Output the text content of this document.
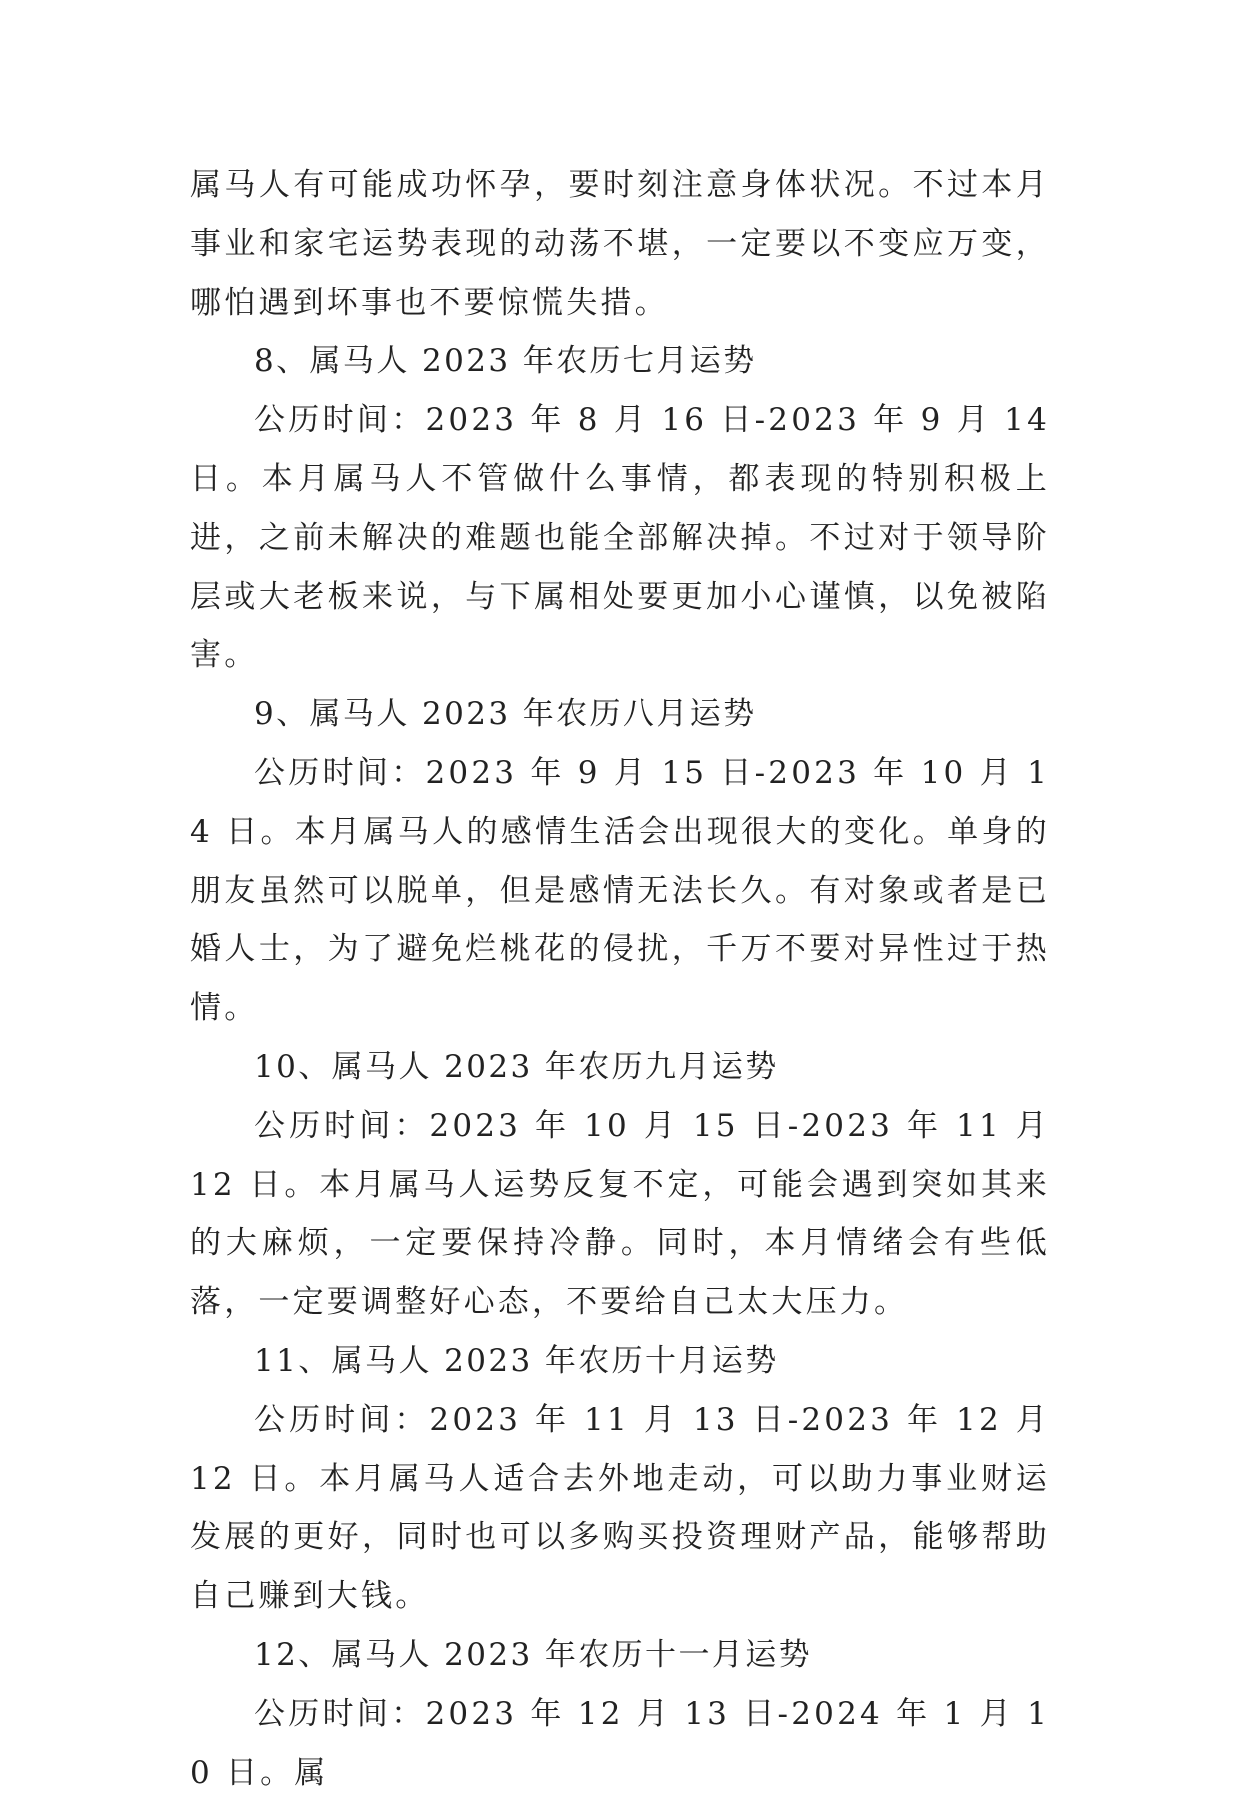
属马人有可能成功怀孕，要时刻注意身体状况。不过本月事业和家宅运势表现的动荡不堪，一定要以不变应万变，哪怕遇到坏事也不要惊慌失措。

8、属马人 2023 年农历七月运势

公历时间：2023 年 8 月 16 日-2023 年 9 月 14 日。本月属马人不管做什么事情，都表现的特别积极上进，之前未解决的难题也能全部解决掉。不过对于领导阶层或大老板来说，与下属相处要更加小心谨慎，以免被陷害。

9、属马人 2023 年农历八月运势

公历时间：2023 年 9 月 15 日-2023 年 10 月 14 日。本月属马人的感情生活会出现很大的变化。单身的朋友虽然可以脱单，但是感情无法长久。有对象或者是已婚人士，为了避免烂桃花的侵扰，千万不要对异性过于热情。

10、属马人 2023 年农历九月运势

公历时间：2023 年 10 月 15 日-2023 年 11 月 12 日。本月属马人运势反复不定，可能会遇到突如其来的大麻烦，一定要保持冷静。同时，本月情绪会有些低落，一定要调整好心态，不要给自己太大压力。

11、属马人 2023 年农历十月运势

公历时间：2023 年 11 月 13 日-2023 年 12 月 12 日。本月属马人适合去外地走动，可以助力事业财运发展的更好，同时也可以多购买投资理财产品，能够帮助自己赚到大钱。

12、属马人 2023 年农历十一月运势

公历时间：2023 年 12 月 13 日-2024 年 1 月 10 日。属
